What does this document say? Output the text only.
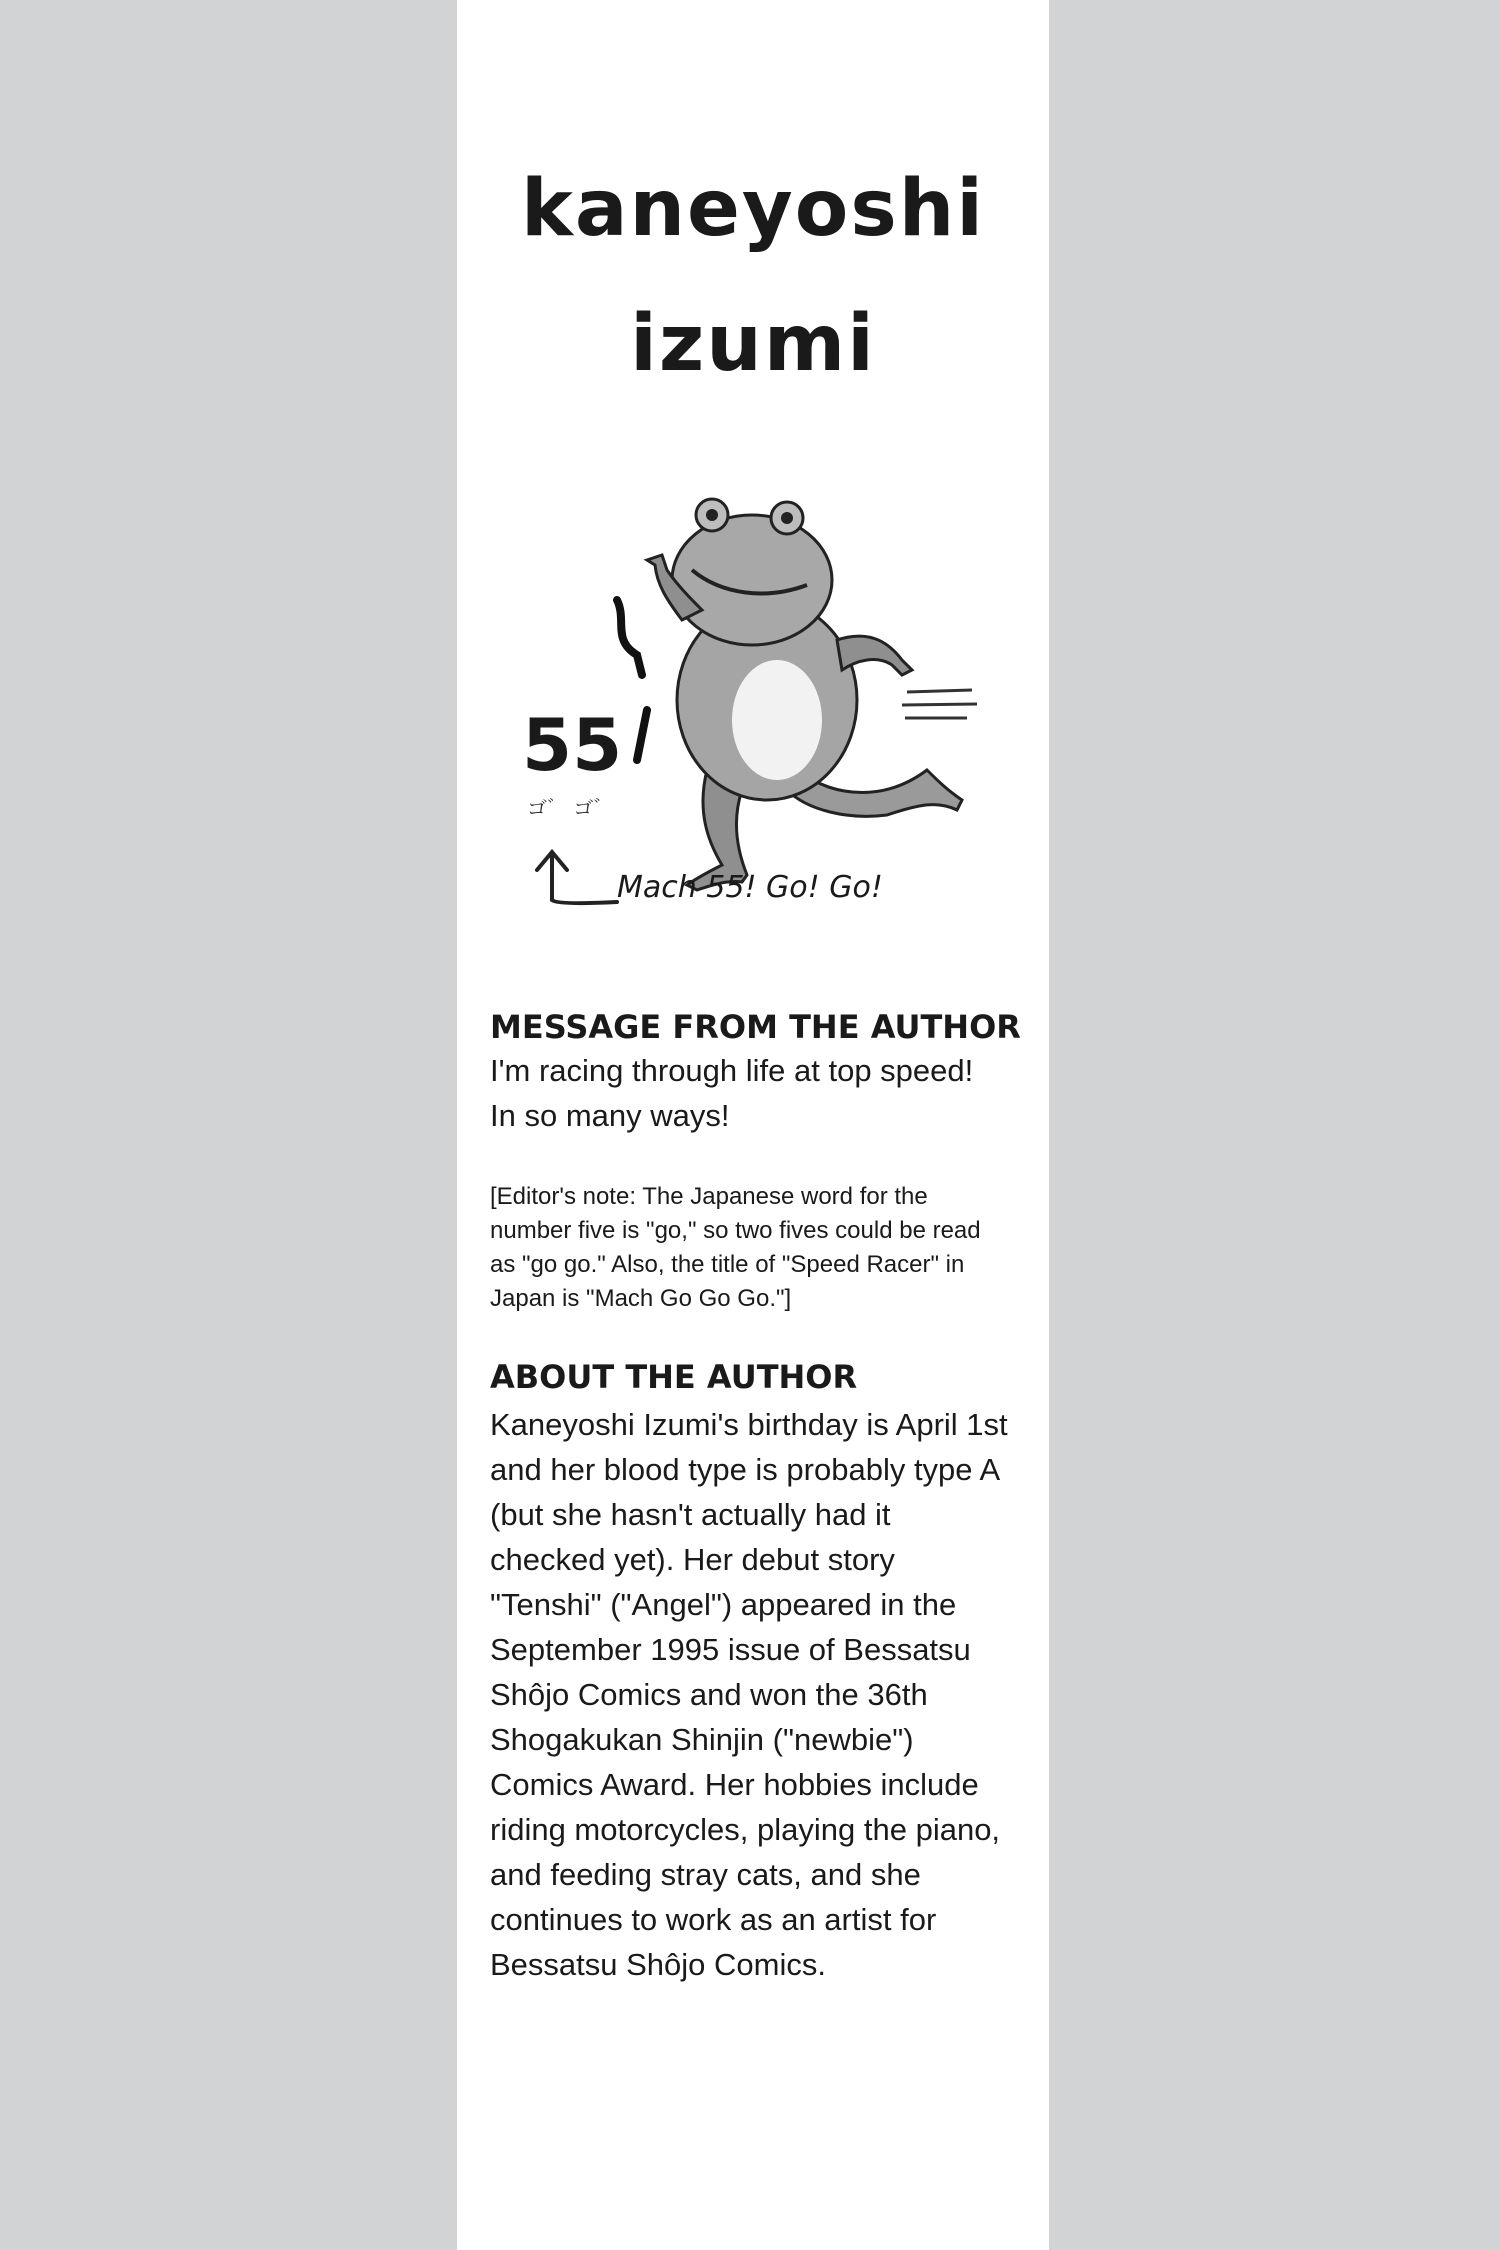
kaneyoshi
izumi
55
ゴ゛ ゴ゛
Mach 55! Go! Go!
MESSAGE FROM THE AUTHOR

I'm racing through life at top speed!
In so many ways!

[Editor's note: The Japanese word for the
number five is "go," so two fives could be read
as "go go." Also, the title of "Speed Racer" in
Japan is "Mach Go Go Go."]

ABOUT THE AUTHOR

Kaneyoshi Izumi's birthday is April 1st
and her blood type is probably type A
(but she hasn't actually had it
checked yet). Her debut story
"Tenshi" ("Angel") appeared in the
September 1995 issue of Bessatsu
Shôjo Comics and won the 36th
Shogakukan Shinjin ("newbie")
Comics Award. Her hobbies include
riding motorcycles, playing the piano,
and feeding stray cats, and she
continues to work as an artist for
Bessatsu Shôjo Comics.
